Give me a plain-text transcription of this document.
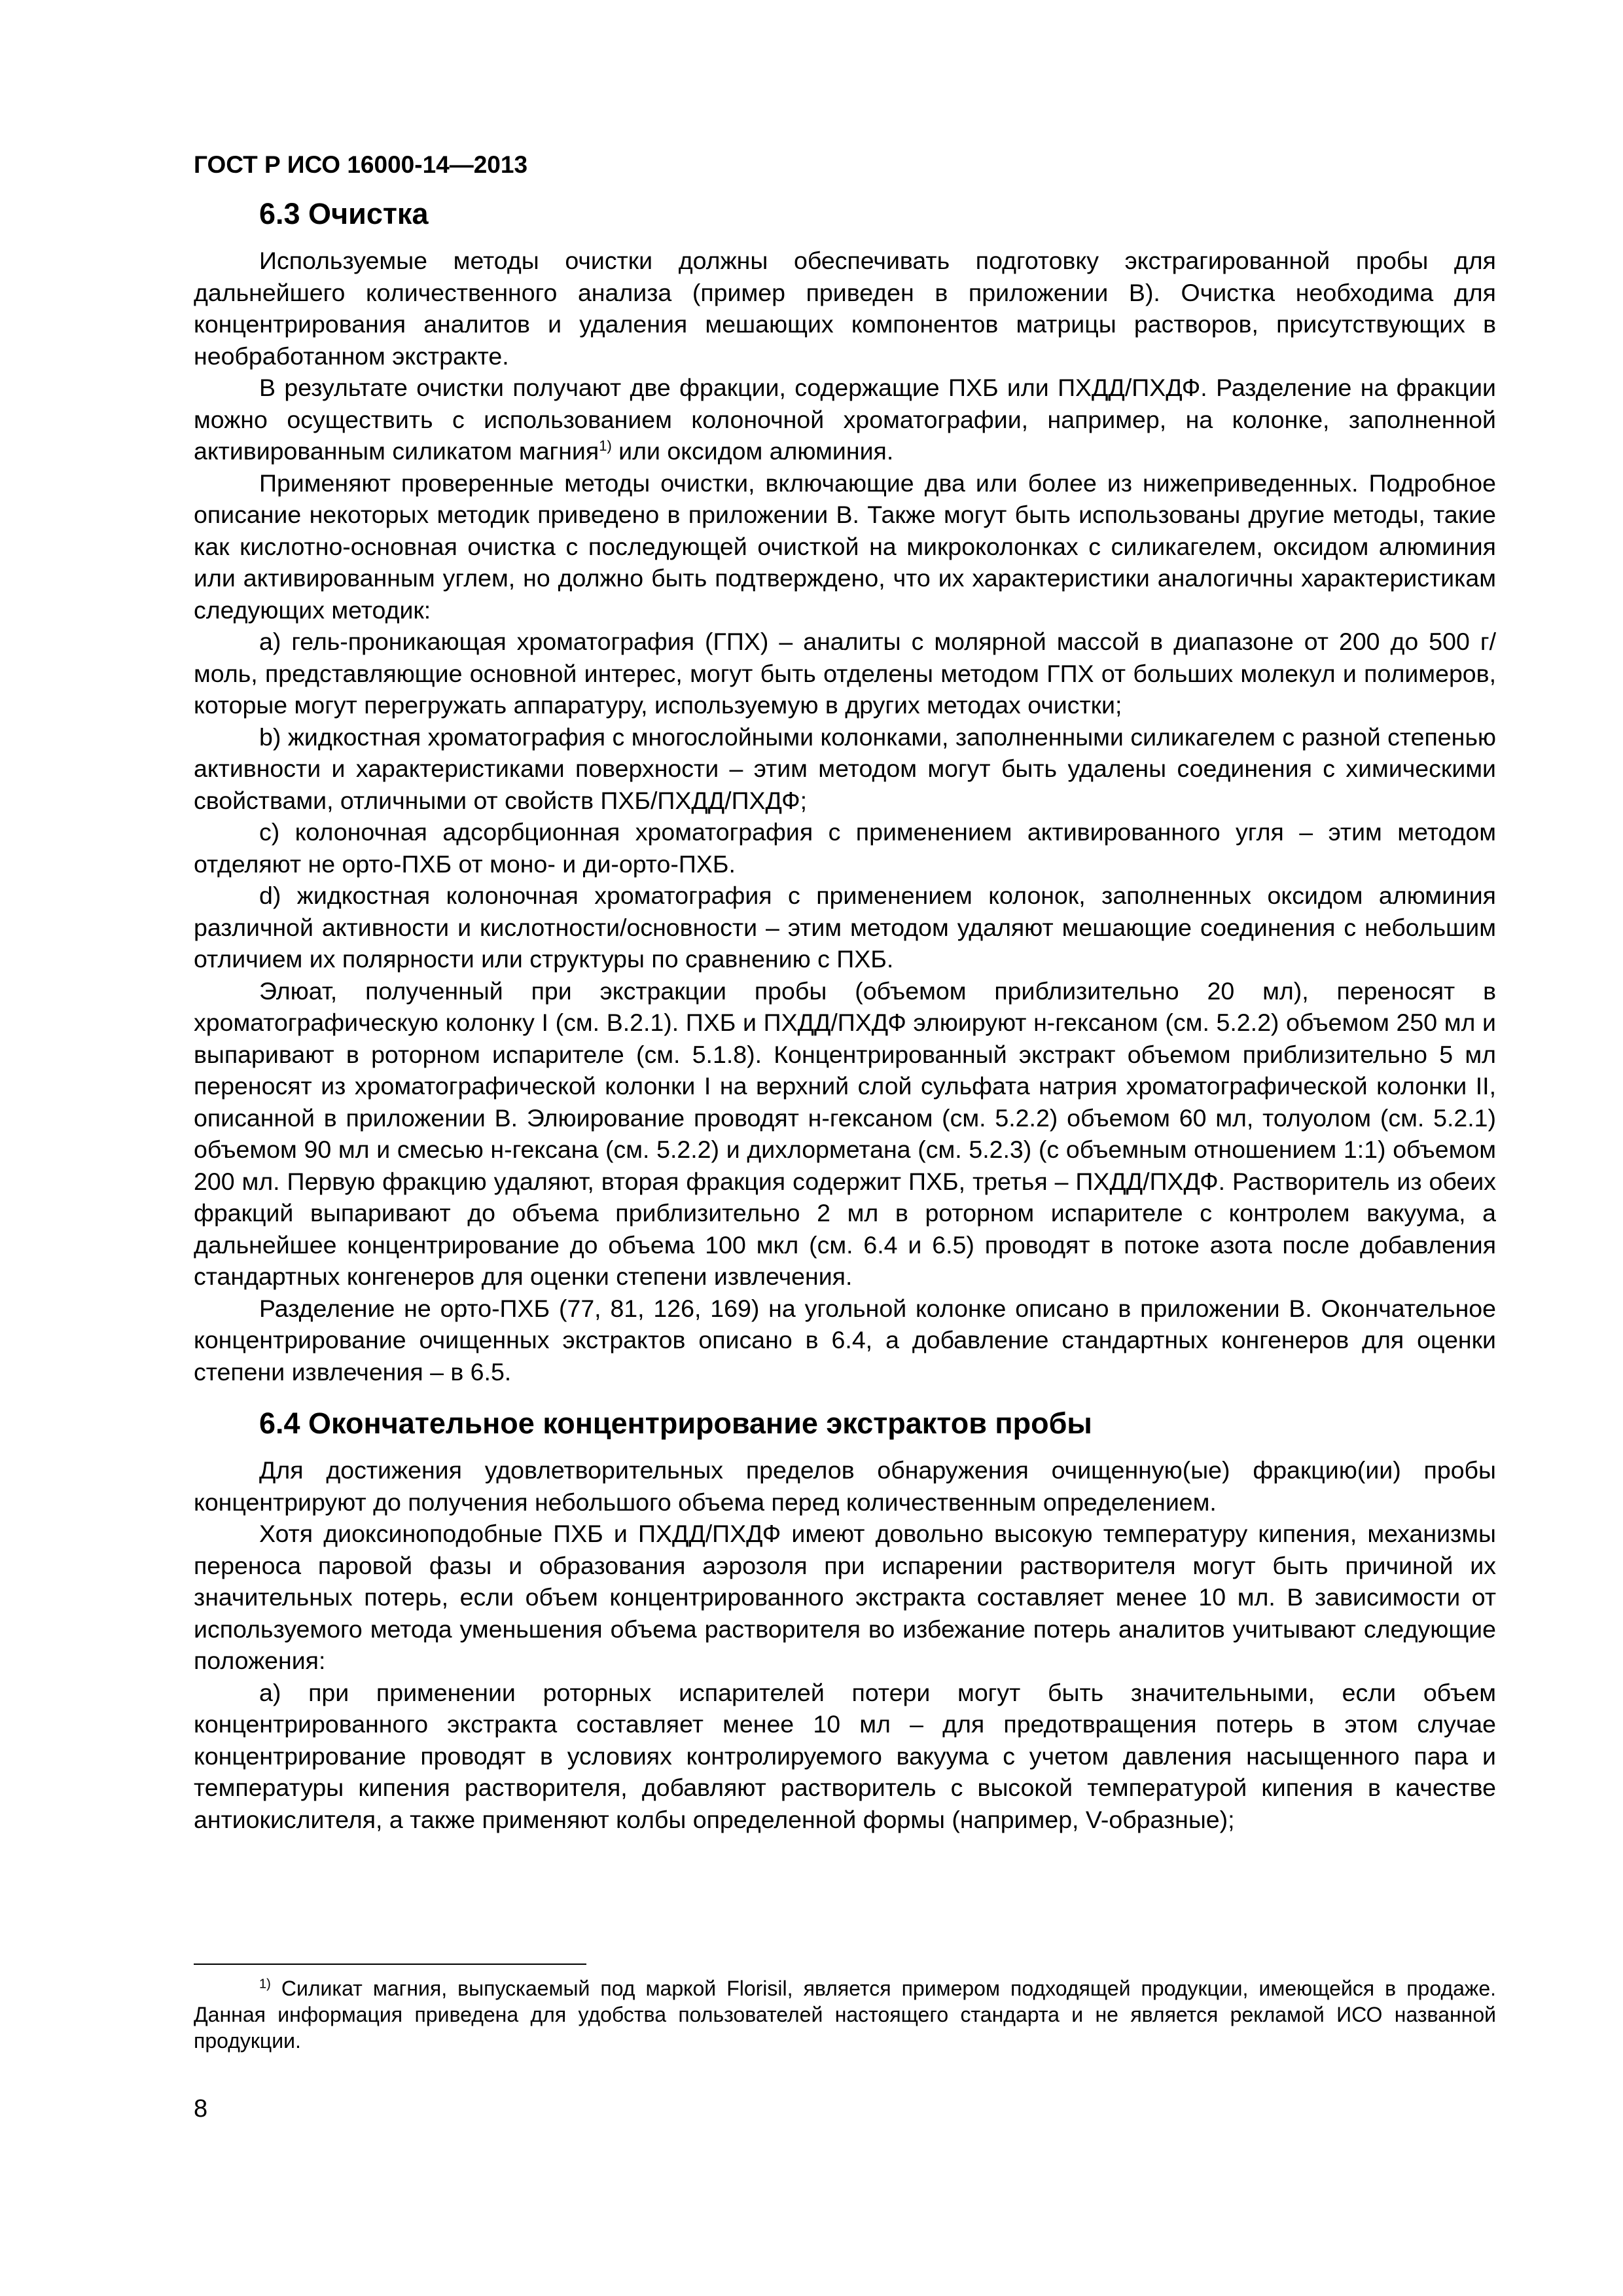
ГОСТ Р ИСО 16000-14—2013
6.3 Очистка

Используемые методы очистки должны обеспечивать подготовку экстрагированной пробы для дальнейшего количественного анализа (пример приведен в приложении В). Очистка необходима для концентрирования аналитов и удаления мешающих компонентов матрицы растворов, присутствующих в необработанном экстракте.

В результате очистки получают две фракции, содержащие ПХБ или ПХДД/ПХДФ. Разделение на фракции можно осуществить с использованием колоночной хроматографии, например, на колонке, заполненной активированным силикатом магния$^{1)}$ или оксидом алюминия.

Применяют проверенные методы очистки, включающие два или более из нижеприведенных. Подробное описание некоторых методик приведено в приложении В. Также могут быть использованы другие методы, такие как кислотно-основная очистка с последующей очисткой на микроколонках с силикагелем, оксидом алюминия или активированным углем, но должно быть подтверждено, что их характеристики аналогичны характеристикам следующих методик:

a) гель-проникающая хроматография (ГПХ) – аналиты с молярной массой в диапазоне от 200 до 500 г/моль, представляющие основной интерес, могут быть отделены методом ГПХ от больших молекул и полимеров, которые могут перегружать аппаратуру, используемую в других методах очистки;

b) жидкостная хроматография с многослойными колонками, заполненными силикагелем с разной степенью активности и характеристиками поверхности – этим методом могут быть удалены соединения с химическими свойствами, отличными от свойств ПХБ/ПХДД/ПХДФ;

c) колоночная адсорбционная хроматография с применением активированного угля – этим методом отделяют не орто-ПХБ от моно- и ди-орто-ПХБ.

d) жидкостная колоночная хроматография с применением колонок, заполненных оксидом алюминия различной активности и кислотности/основности – этим методом удаляют мешающие соединения с небольшим отличием их полярности или структуры по сравнению с ПХБ.

Элюат, полученный при экстракции пробы (объемом приблизительно 20 мл), переносят в хроматографическую колонку I (см. В.2.1). ПХБ и ПХДД/ПХДФ элюируют н-гексаном (см. 5.2.2) объемом 250 мл и выпаривают в роторном испарителе (см. 5.1.8). Концентрированный экстракт объемом приблизительно 5 мл переносят из хроматографической колонки I на верхний слой сульфата натрия хроматографической колонки II, описанной в приложении В. Элюирование проводят н-гексаном (см. 5.2.2) объемом 60 мл, толуолом (см. 5.2.1) объемом 90 мл и смесью н-гексана (см. 5.2.2) и дихлорметана (см. 5.2.3) (с объемным отношением 1:1) объемом 200 мл. Первую фракцию удаляют, вторая фракция содержит ПХБ, третья – ПХДД/ПХДФ. Растворитель из обеих фракций выпаривают до объема приблизительно 2 мл в роторном испарителе с контролем вакуума, а дальнейшее концентрирование до объема 100 мкл (см. 6.4 и 6.5) проводят в потоке азота после добавления стандартных конгенеров для оценки степени извлечения.

Разделение не орто-ПХБ (77, 81, 126, 169) на угольной колонке описано в приложении В. Окончательное концентрирование очищенных экстрактов описано в 6.4, а добавление стандартных конгенеров для оценки степени извлечения – в 6.5.

6.4 Окончательное концентрирование экстрактов пробы

Для достижения удовлетворительных пределов обнаружения очищенную(ые) фракцию(ии) пробы концентрируют до получения небольшого объема перед количественным определением.

Хотя диоксиноподобные ПХБ и ПХДД/ПХДФ имеют довольно высокую температуру кипения, механизмы переноса паровой фазы и образования аэрозоля при испарении растворителя могут быть причиной их значительных потерь, если объем концентрированного экстракта составляет менее 10 мл. В зависимости от используемого метода уменьшения объема растворителя во избежание потерь аналитов учитывают следующие положения:

a) при применении роторных испарителей потери могут быть значительными, если объем концентрированного экстракта составляет менее 10 мл – для предотвращения потерь в этом случае концентрирование проводят в условиях контролируемого вакуума с учетом давления насыщенного пара и температуры кипения растворителя, добавляют растворитель с высокой температурой кипения в качестве антиокислителя, а также применяют колбы определенной формы (например, V-образные);

$^{1)}$ Силикат магния, выпускаемый под маркой Florisil, является примером подходящей продукции, имеющейся в продаже. Данная информация приведена для удобства пользователей настоящего стандарта и не является рекламой ИСО названной продукции.

8
